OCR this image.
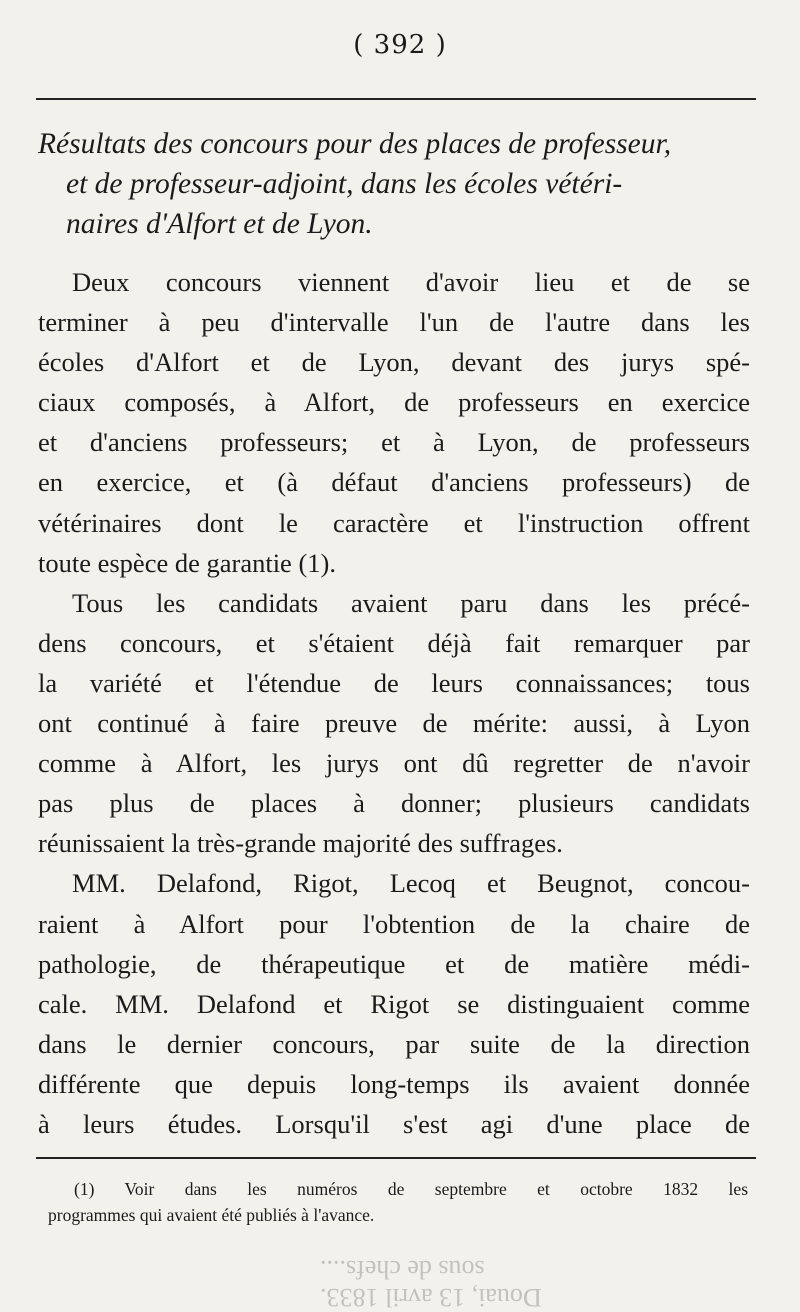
( 392 )
Résultats des concours pour des places de professeur,
et de professeur-adjoint, dans les écoles vétéri-
naires d'Alfort et de Lyon.
Deux concours viennent d'avoir lieu et de se
terminer à peu d'intervalle l'un de l'autre dans les
écoles d'Alfort et de Lyon, devant des jurys spé-
ciaux composés, à Alfort, de professeurs en exercice
et d'anciens professeurs; et à Lyon, de professeurs
en exercice, et (à défaut d'anciens professeurs) de
vétérinaires dont le caractère et l'instruction offrent
toute espèce de garantie (1).
Tous les candidats avaient paru dans les précé-
dens concours, et s'étaient déjà fait remarquer par
la variété et l'étendue de leurs connaissances; tous
ont continué à faire preuve de mérite: aussi, à Lyon
comme à Alfort, les jurys ont dû regretter de n'avoir
pas plus de places à donner; plusieurs candidats
réunissaient la très-grande majorité des suffrages.
MM. Delafond, Rigot, Lecoq et Beugnot, concou-
raient à Alfort pour l'obtention de la chaire de
pathologie, de thérapeutique et de matière médi-
cale. MM. Delafond et Rigot se distinguaient comme
dans le dernier concours, par suite de la direction
différente que depuis long-temps ils avaient donnée
à leurs études. Lorsqu'il s'est agi d'une place de
(1) Voir dans les numéros de septembre et octobre 1832 les
programmes qui avaient été publiés à l'avance.
Douai, 13 avril 1833.
sous de chefs....
